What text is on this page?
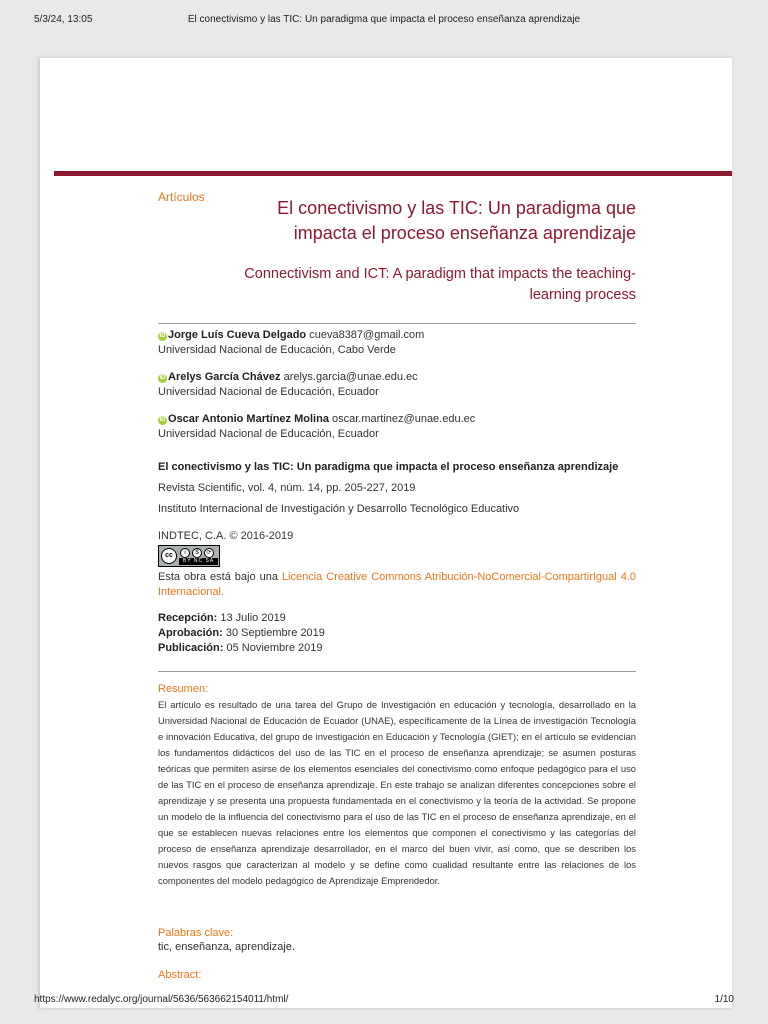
5/3/24, 13:05	El conectivismo y las TIC: Un paradigma que impacta el proceso enseñanza aprendizaje
Artículos
El conectivismo y las TIC: Un paradigma que impacta el proceso enseñanza aprendizaje
Connectivism and ICT: A paradigm that impacts the teaching-learning process
iD Jorge Luís Cueva Delgado cueva8387@gmail.com
Universidad Nacional de Educación, Cabo Verde
iD Arelys García Chávez arelys.garcia@unae.edu.ec
Universidad Nacional de Educación, Ecuador
iD Oscar Antonio Martínez Molina oscar.martinez@unae.edu.ec
Universidad Nacional de Educación, Ecuador
El conectivismo y las TIC: Un paradigma que impacta el proceso enseñanza aprendizaje
Revista Scientific, vol. 4, núm. 14, pp. 205-227, 2019
Instituto Internacional de Investigación y Desarrollo Tecnológico Educativo
INDTEC, C.A. © 2016-2019
cc	i	$	⟳
BY NC SA
Esta obra está bajo una Licencia Creative Commons Atribución-NoComercial-CompartirIgual 4.0 Internacional.
Recepción: 13 Julio 2019
Aprobación: 30 Septiembre 2019
Publicación: 05 Noviembre 2019
Resumen:

El artículo es resultado de una tarea del Grupo de Investigación en educación y tecnología, desarrollado en la Universidad Nacional de Educación de Ecuador (UNAE), específicamente de la Línea de investigación Tecnología e innovación Educativa, del grupo de investigación en Educación y Tecnología (GIET); en el artículo se evidencian los fundamentos didácticos del uso de las TIC en el proceso de enseñanza aprendizaje; se asumen posturas teóricas que permiten asirse de los elementos esenciales del conectivismo como enfoque pedagógico para el uso de las TIC en el proceso de enseñanza aprendizaje. En este trabajo se analizan diferentes concepciones sobre el aprendizaje y se presenta una propuesta fundamentada en el conectivismo y la teoría de la actividad. Se propone un modelo de la influencia del conectivismo para el uso de las TIC en el proceso de enseñanza aprendizaje, en el que se establecen nuevas relaciones entre los elementos que componen el conectivismo y las categorías del proceso de enseñanza aprendizaje desarrollador, en el marco del buen vivir, así como, que se describen los nuevos rasgos que caracterizan al modelo y se define como cualidad resultante entre las relaciones de los componentes del modelo pedagógico de Aprendizaje Emprendedor.

Palabras clave:
tic, enseñanza, aprendizaje.
Abstract:
https://www.redalyc.org/journal/5636/563662154011/html/	1/10
